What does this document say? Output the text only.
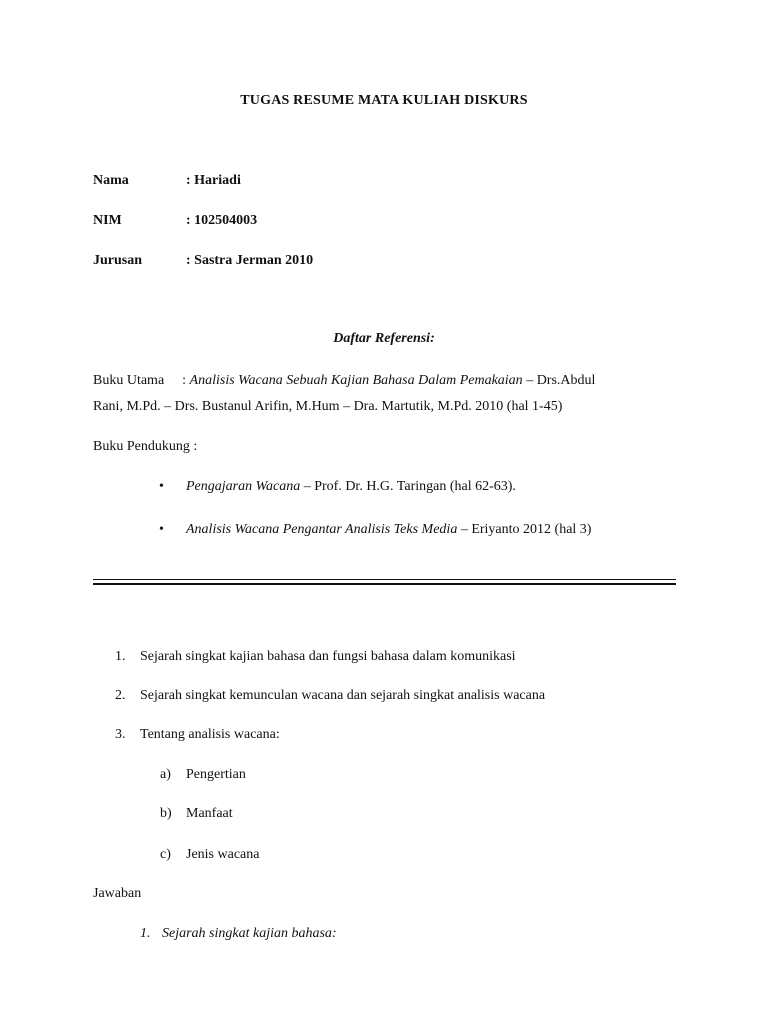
TUGAS RESUME MATA KULIAH DISKURS
Nama	: Hariadi
NIM	: 102504003
Jurusan	: Sastra Jerman 2010
Daftar Referensi:
Buku Utama : Analisis Wacana Sebuah Kajian Bahasa Dalam Pemakaian – Drs.Abdul
Rani, M.Pd. – Drs. Bustanul Arifin, M.Hum – Dra. Martutik, M.Pd. 2010 (hal 1-45)
Buku Pendukung :
• Pengajaran Wacana – Prof. Dr. H.G. Taringan (hal 62-63).
• Analisis Wacana Pengantar Analisis Teks Media – Eriyanto 2012 (hal 3)
1. Sejarah singkat kajian bahasa dan fungsi bahasa dalam komunikasi
2. Sejarah singkat kemunculan wacana dan sejarah singkat analisis wacana
3. Tentang analisis wacana:
a) Pengertian
b) Manfaat
c) Jenis wacana
Jawaban
1. Sejarah singkat kajian bahasa:
